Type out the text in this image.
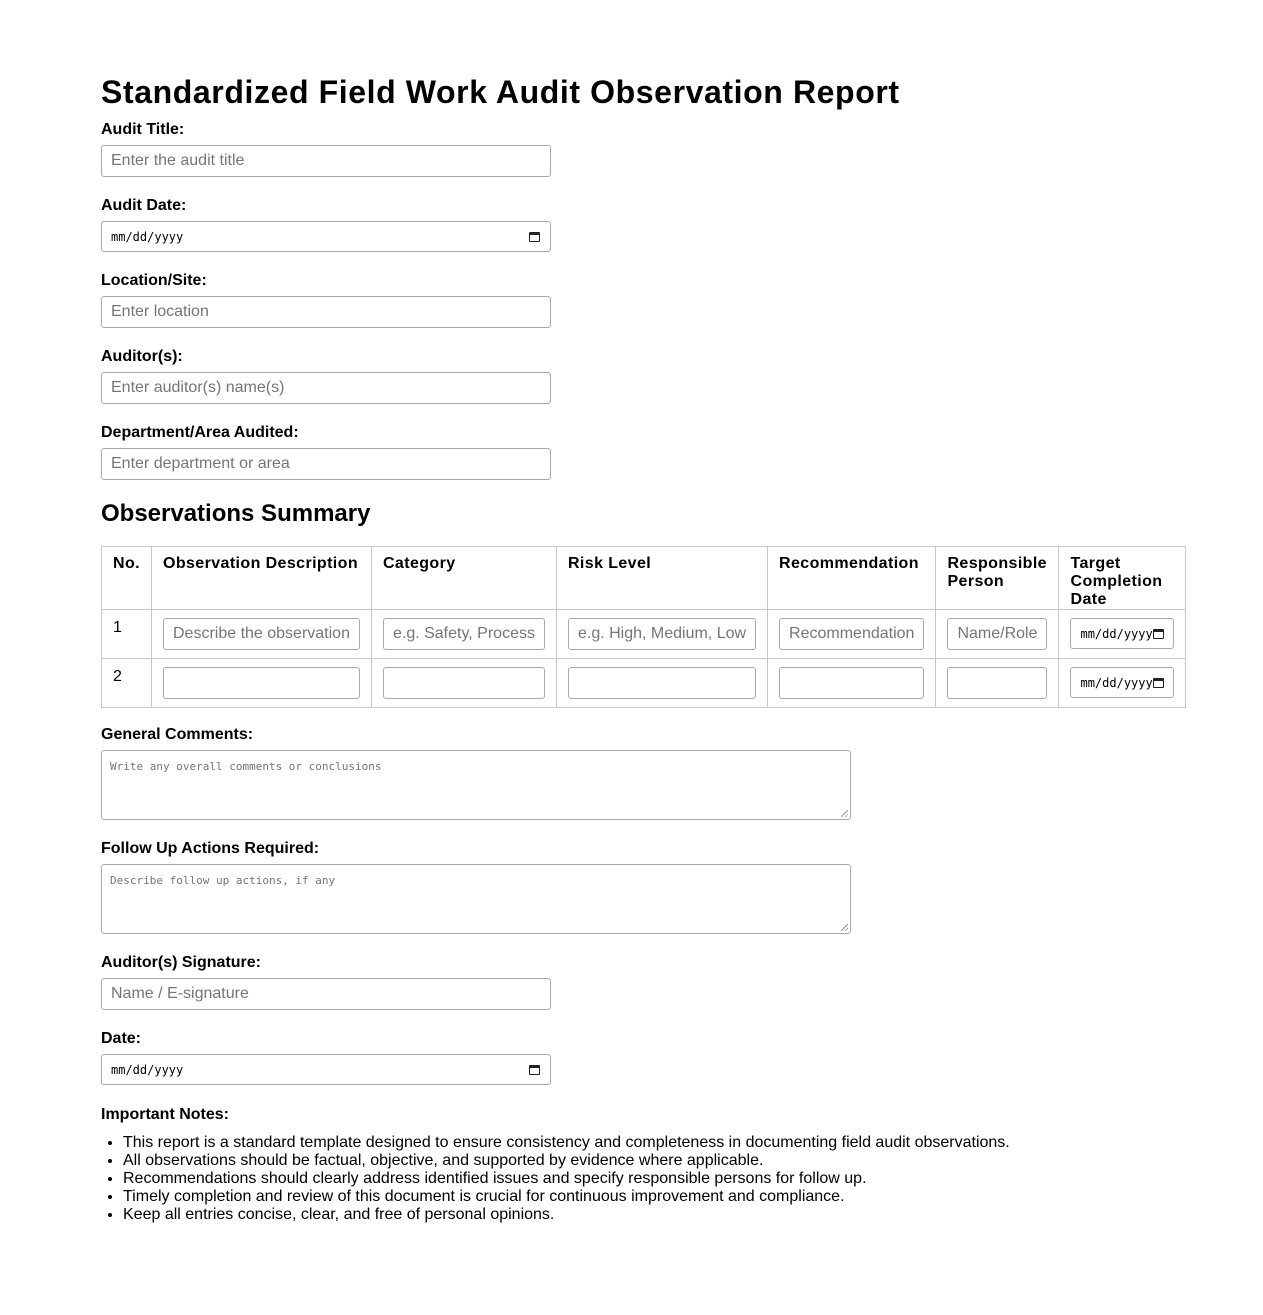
Standardized Field Work Audit Observation Report
Audit Title:
Enter the audit title
Audit Date:
mm/dd/yyyy
Location/Site:
Enter location
Auditor(s):
Enter auditor(s) name(s)
Department/Area Audited:
Enter department or area
Observations Summary
No.	Observation Description	Category	Risk Level	Recommendation	Responsible Person	Target Completion Date

1	Describe the observation	e.g. Safety, Process	e.g. High, Medium, Low	Recommendation	Name/Role	mm/dd/yyyy

2						mm/dd/yyyy
General Comments:
Write any overall comments or conclusions
Follow Up Actions Required:
Describe follow up actions, if any
Auditor(s) Signature:
Name / E-signature
Date:
mm/dd/yyyy
Important Notes:
• This report is a standard template designed to ensure consistency and completeness in documenting field audit observations.
• All observations should be factual, objective, and supported by evidence where applicable.
• Recommendations should clearly address identified issues and specify responsible persons for follow up.
• Timely completion and review of this document is crucial for continuous improvement and compliance.
• Keep all entries concise, clear, and free of personal opinions.
